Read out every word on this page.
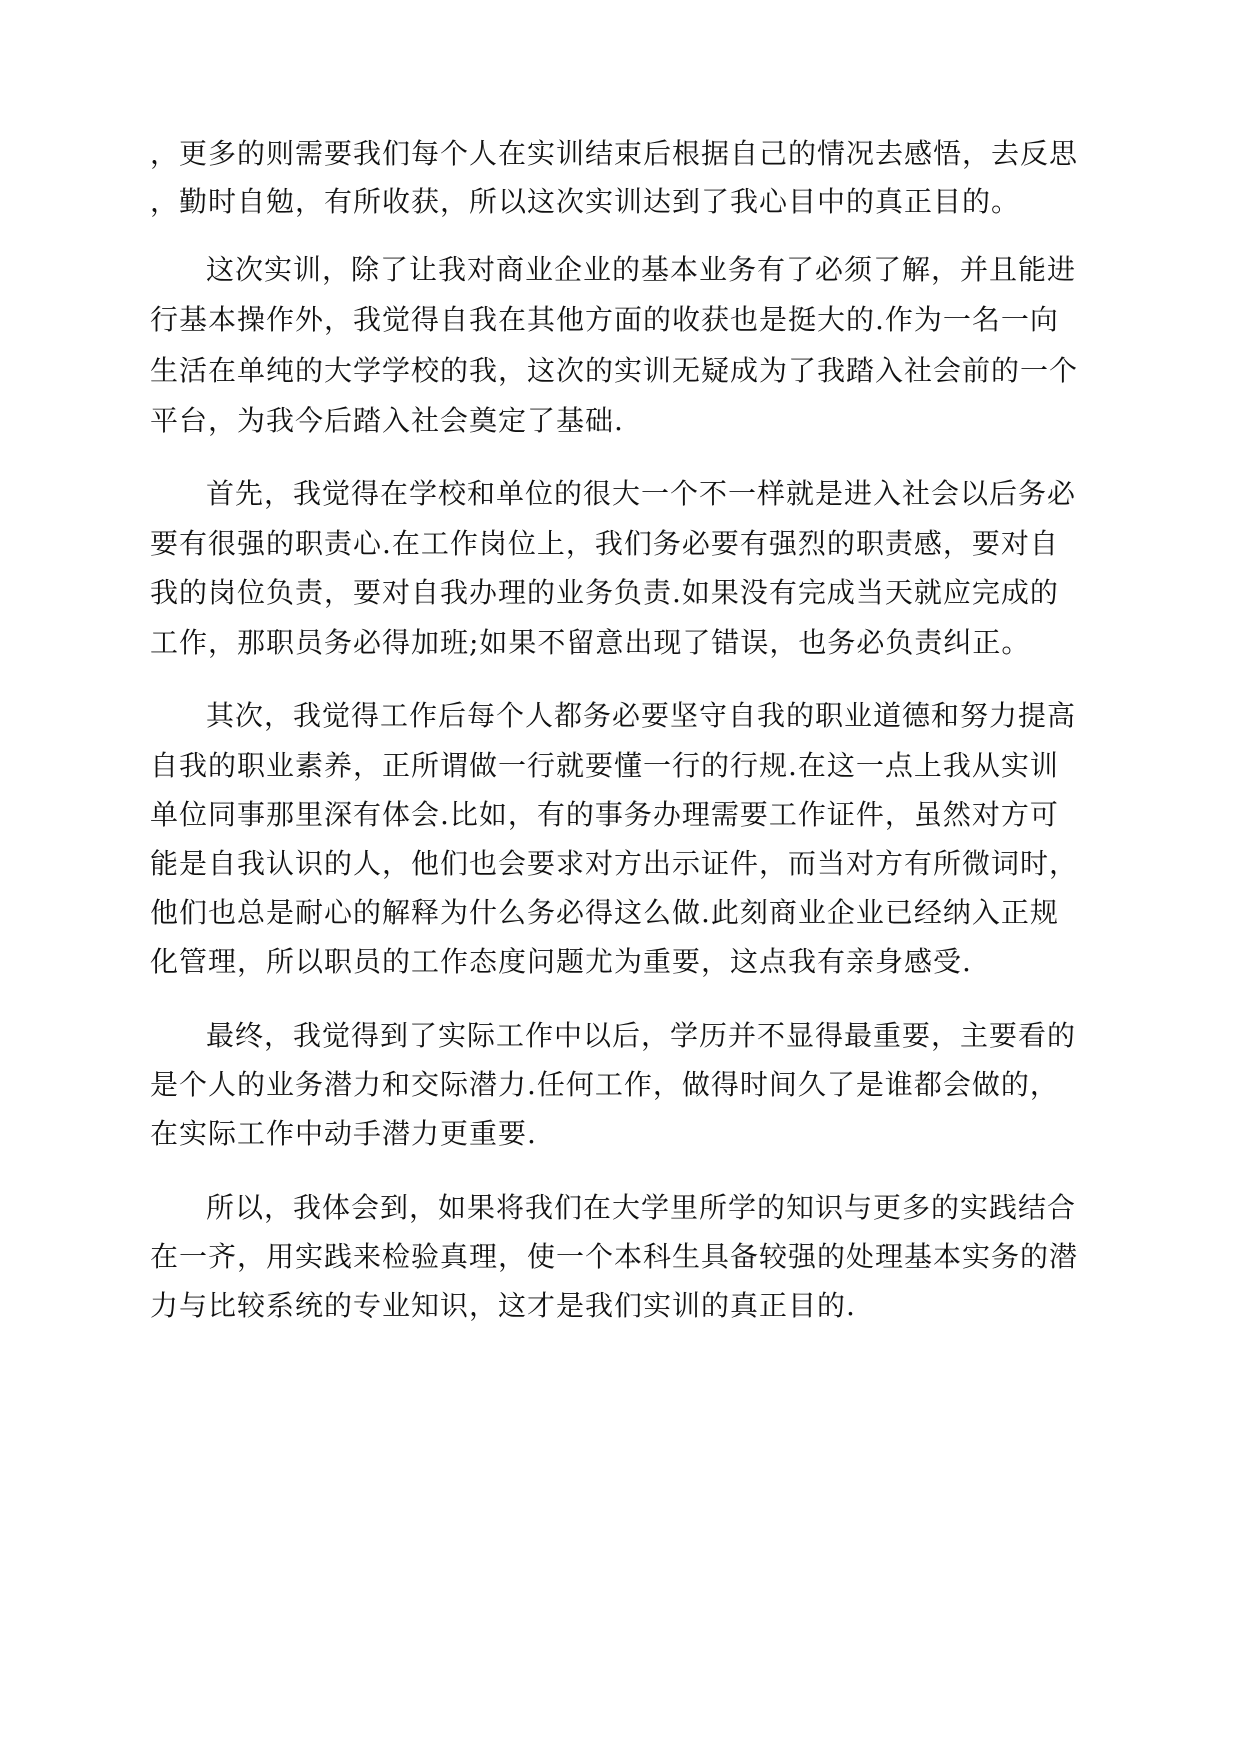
，更多的则需要我们每个人在实训结束后根据自己的情况去感悟，去反思
，勤时自勉，有所收获，所以这次实训达到了我心目中的真正目的。
这次实训，除了让我对商业企业的基本业务有了必须了解，并且能进
行基本操作外，我觉得自我在其他方面的收获也是挺大的.作为一名一向
生活在单纯的大学学校的我，这次的实训无疑成为了我踏入社会前的一个
平台，为我今后踏入社会奠定了基础.
首先，我觉得在学校和单位的很大一个不一样就是进入社会以后务必
要有很强的职责心.在工作岗位上，我们务必要有强烈的职责感，要对自
我的岗位负责，要对自我办理的业务负责.如果没有完成当天就应完成的
工作，那职员务必得加班;如果不留意出现了错误，也务必负责纠正。
其次，我觉得工作后每个人都务必要坚守自我的职业道德和努力提高
自我的职业素养，正所谓做一行就要懂一行的行规.在这一点上我从实训
单位同事那里深有体会.比如，有的事务办理需要工作证件，虽然对方可
能是自我认识的人，他们也会要求对方出示证件，而当对方有所微词时，
他们也总是耐心的解释为什么务必得这么做.此刻商业企业已经纳入正规
化管理，所以职员的工作态度问题尤为重要，这点我有亲身感受.
最终，我觉得到了实际工作中以后，学历并不显得最重要，主要看的
是个人的业务潜力和交际潜力.任何工作，做得时间久了是谁都会做的，
在实际工作中动手潜力更重要.
所以，我体会到，如果将我们在大学里所学的知识与更多的实践结合
在一齐，用实践来检验真理，使一个本科生具备较强的处理基本实务的潜
力与比较系统的专业知识，这才是我们实训的真正目的.
